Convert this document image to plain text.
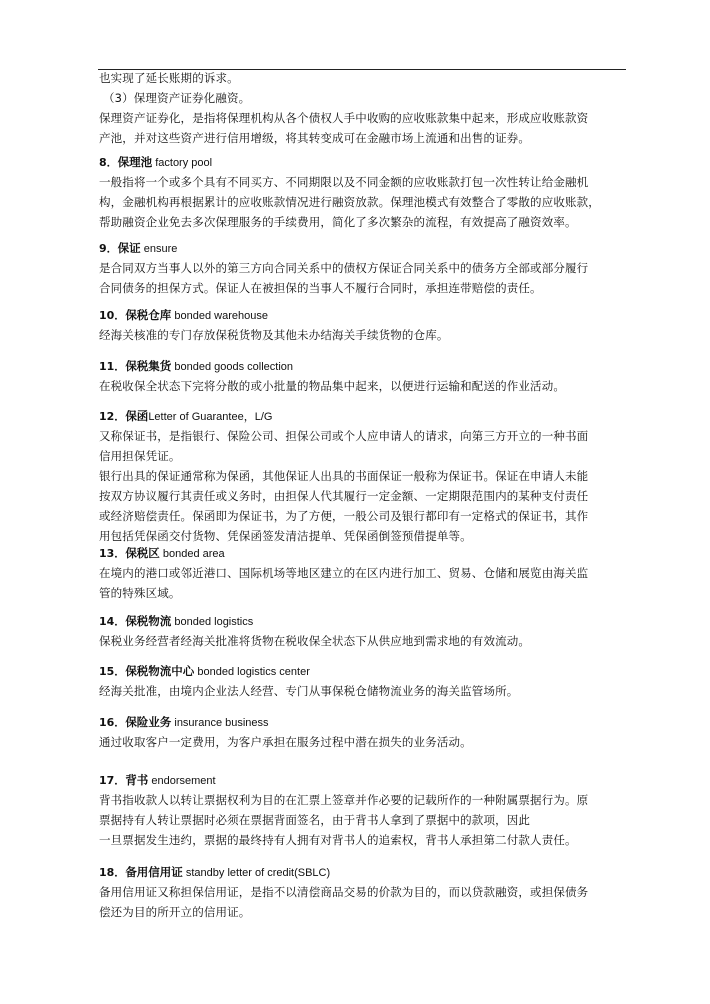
也实现了延长账期的诉求。
（3）保理资产证券化融资。
保理资产证券化，是指将保理机构从各个债权人手中收购的应收账款集中起来，形成应收账款资
产池，并对这些资产进行信用增级，将其转变成可在金融市场上流通和出售的证券。
8．保理池 factory pool
一般指将一个或多个具有不同买方、不同期限以及不同金额的应收账款打包一次性转让给金融机
构，金融机构再根据累计的应收账款情况进行融资放款。保理池模式有效整合了零散的应收账款，
帮助融资企业免去多次保理服务的手续费用，简化了多次繁杂的流程，有效提高了融资效率。
9．保证 ensure
是合同双方当事人以外的第三方向合同关系中的债权方保证合同关系中的债务方全部或部分履行
合同债务的担保方式。保证人在被担保的当事人不履行合同时，承担连带赔偿的责任。
10．保税仓库 bonded warehouse
经海关核准的专门存放保税货物及其他未办结海关手续货物的仓库。
11．保税集货 bonded goods collection
在税收保全状态下完将分散的或小批量的物品集中起来，以便进行运输和配送的作业活动。
12．保函Letter of Guarantee，L/G
又称保证书，是指银行、保险公司、担保公司或个人应申请人的请求，向第三方开立的一种书面
信用担保凭证。
银行出具的保证通常称为保函，其他保证人出具的书面保证一般称为保证书。保证在申请人未能
按双方协议履行其责任或义务时，由担保人代其履行一定金额、一定期限范围内的某种支付责任
或经济赔偿责任。保函即为保证书，为了方便，一般公司及银行都印有一定格式的保证书，其作
用包括凭保函交付货物、凭保函签发清洁提单、凭保函倒签预借提单等。
13．保税区 bonded area
在境内的港口或邻近港口、国际机场等地区建立的在区内进行加工、贸易、仓储和展览由海关监
管的特殊区域。
14．保税物流 bonded logistics
保税业务经营者经海关批准将货物在税收保全状态下从供应地到需求地的有效流动。
15．保税物流中心 bonded logistics center
经海关批准，由境内企业法人经营、专门从事保税仓储物流业务的海关监管场所。
16．保险业务 insurance business
通过收取客户一定费用，为客户承担在服务过程中潜在损失的业务活动。
17．背书 endorsement
背书指收款人以转让票据权利为目的在汇票上签章并作必要的记载所作的一种附属票据行为。原
票据持有人转让票据时必须在票据背面签名，由于背书人拿到了票据中的款项，因此
一旦票据发生违约，票据的最终持有人拥有对背书人的追索权，背书人承担第二付款人责任。
18．备用信用证 standby letter of credit(SBLC)
备用信用证又称担保信用证，是指不以清偿商品交易的价款为目的，而以贷款融资，或担保债务
偿还为目的所开立的信用证。
